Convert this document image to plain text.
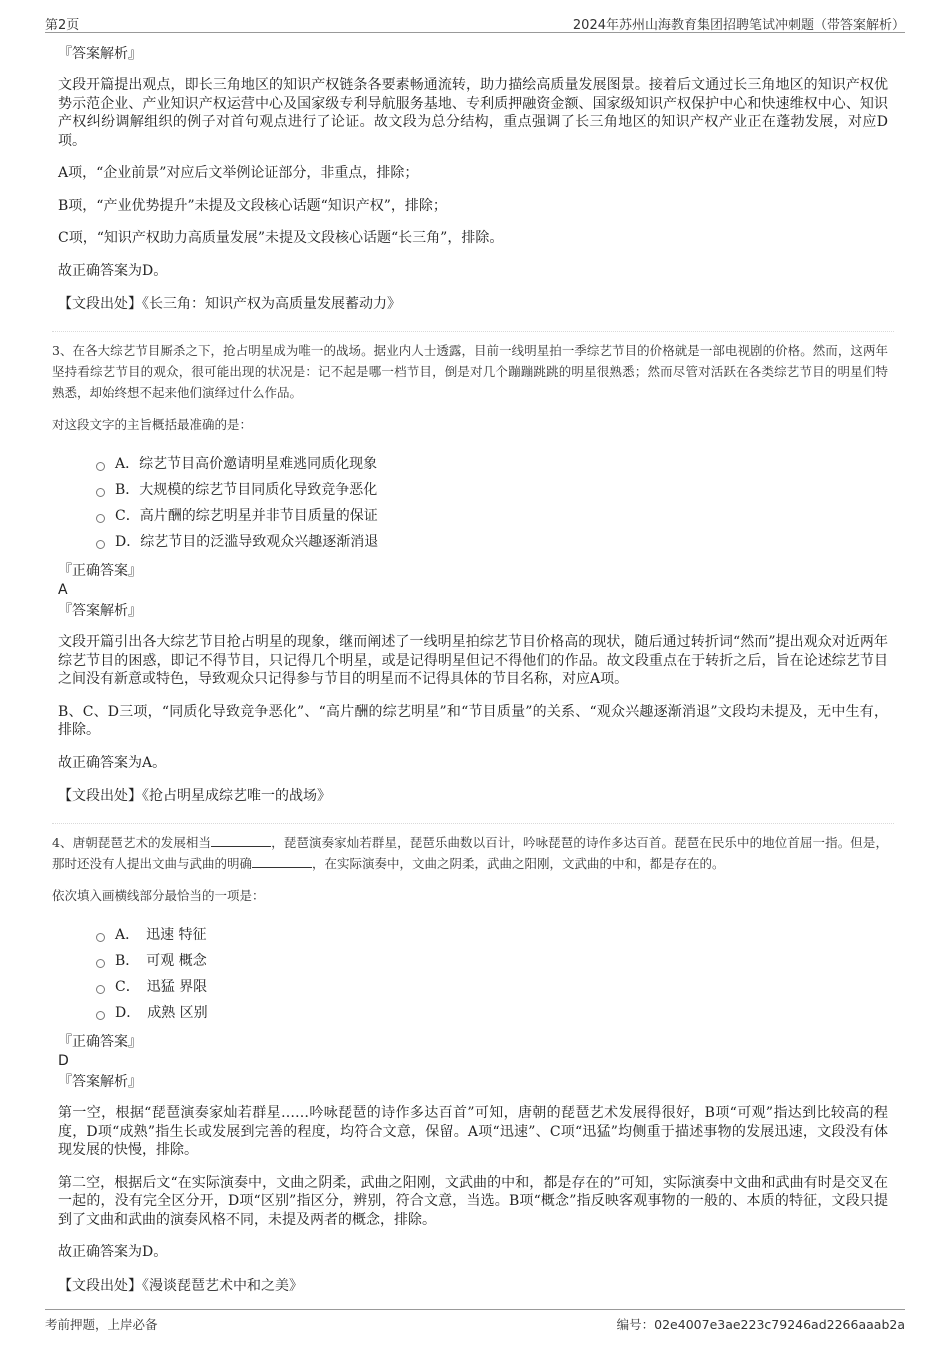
第2页	2024年苏州山海教育集团招聘笔试冲刺题（带答案解析）

『答案解析』

文段开篇提出观点，即长三角地区的知识产权链条各要素畅通流转，助力描绘高质量发展图景。接着后文通过长三角地区的知识产权优势示范企业、产业知识产权运营中心及国家级专利导航服务基地、专利质押融资金额、国家级知识产权保护中心和快速维权中心、知识产权纠纷调解组织的例子对首句观点进行了论证。故文段为总分结构，重点强调了长三角地区的知识产权产业正在蓬勃发展，对应D项。

A项，“企业前景”对应后文举例论证部分，非重点，排除；

B项，“产业优势提升”未提及文段核心话题“知识产权”，排除；

C项，“知识产权助力高质量发展”未提及文段核心话题“长三角”，排除。

故正确答案为D。

【文段出处】《长三角：知识产权为高质量发展蓄动力》

3、在各大综艺节目厮杀之下，抢占明星成为唯一的战场。据业内人士透露，目前一线明星拍一季综艺节目的价格就是一部电视剧的价格。然而，这两年坚持看综艺节目的观众，很可能出现的状况是：记不起是哪一档节目，倒是对几个蹦蹦跳跳的明星很熟悉；然而尽管对活跃在各类综艺节目的明星们特熟悉，却始终想不起来他们演绎过什么作品。

对这段文字的主旨概括最准确的是：

A．综艺节目高价邀请明星难逃同质化现象
B．大规模的综艺节目同质化导致竞争恶化
C．高片酬的综艺明星并非节目质量的保证
D．综艺节目的泛滥导致观众兴趣逐渐消退

『正确答案』

A

『答案解析』

文段开篇引出各大综艺节目抢占明星的现象，继而阐述了一线明星拍综艺节目价格高的现状，随后通过转折词“然而”提出观众对近两年综艺节目的困惑，即记不得节目，只记得几个明星，或是记得明星但记不得他们的作品。故文段重点在于转折之后，旨在论述综艺节目之间没有新意或特色，导致观众只记得参与节目的明星而不记得具体的节目名称，对应A项。

B、C、D三项，“同质化导致竞争恶化”、“高片酬的综艺明星”和“节目质量”的关系、“观众兴趣逐渐消退”文段均未提及，无中生有，排除。

故正确答案为A。

【文段出处】《抢占明星成综艺唯一的战场》

4、唐朝琵琶艺术的发展相当	，琵琶演奏家灿若群星，琵琶乐曲数以百计，吟咏琵琶的诗作多达百首。琵琶在民乐中的地位首屈一指。但是，那时还没有人提出文曲与武曲的明确	，在实际演奏中，文曲之阴柔，武曲之阳刚，文武曲的中和，都是存在的。

依次填入画横线部分最恰当的一项是：

A．　迅速 特征
B．　可观 概念
C．　迅猛 界限
D．　成熟 区别

『正确答案』

D

『答案解析』

第一空，根据“琵琶演奏家灿若群星……吟咏琵琶的诗作多达百首”可知，唐朝的琵琶艺术发展得很好，B项“可观”指达到比较高的程度，D项“成熟”指生长或发展到完善的程度，均符合文意，保留。A项“迅速”、C项“迅猛”均侧重于描述事物的发展迅速，文段没有体现发展的快慢，排除。

第二空，根据后文“在实际演奏中，文曲之阴柔，武曲之阳刚，文武曲的中和，都是存在的”可知，实际演奏中文曲和武曲有时是交叉在一起的，没有完全区分开，D项“区别”指区分，辨别，符合文意，当选。B项“概念”指反映客观事物的一般的、本质的特征，文段只提到了文曲和武曲的演奏风格不同，未提及两者的概念，排除。

故正确答案为D。

【文段出处】《漫谈琵琶艺术中和之美》

考前押题，上岸必备	编号：02e4007e3ae223c79246ad2266aaab2a
